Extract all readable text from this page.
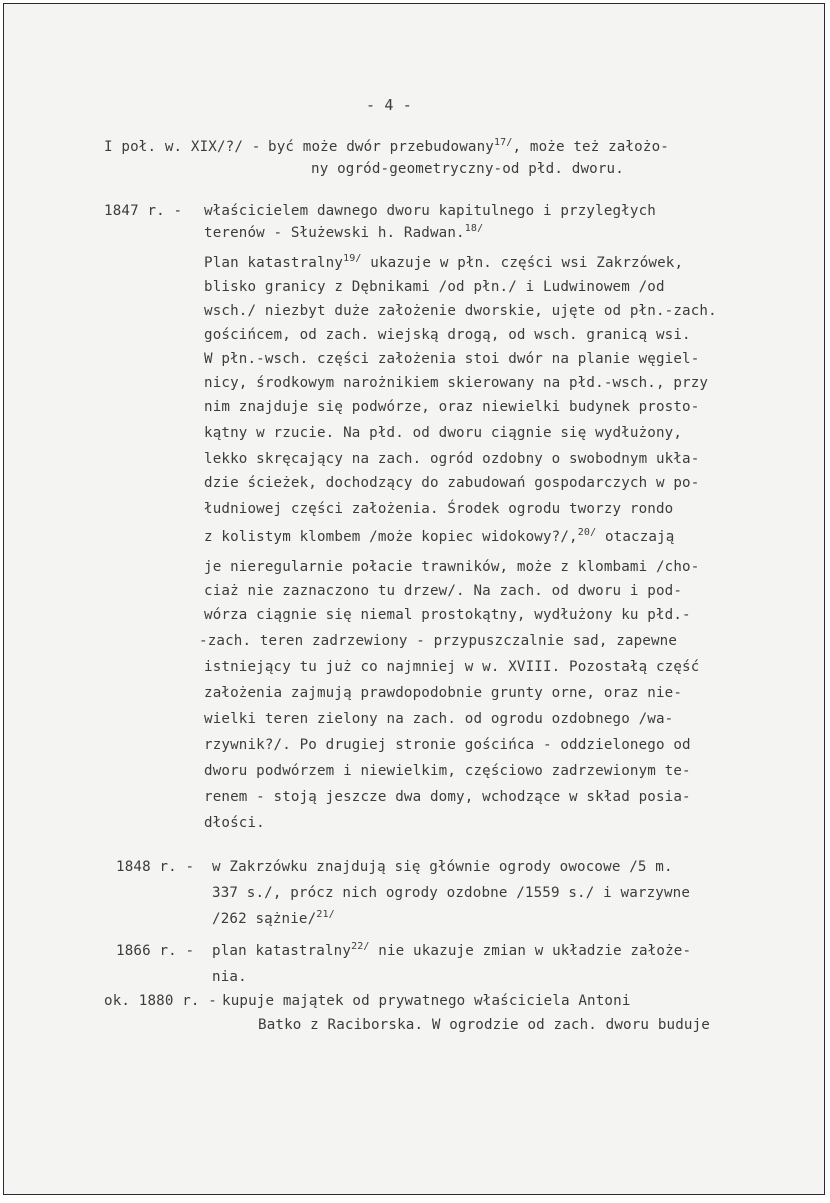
- 4 -
I poł. w. XIX/?/ - być może dwór przebudowany$^{17/}$, może też założo-
ny ogród-geometryczny-od płd. dworu.
1847 r. - właścicielem dawnego dworu kapitulnego i przyległych
terenów - Służewski h. Radwan.$^{18/}$
Plan katastralny$^{19/}$ ukazuje w płn. części wsi Zakrzówek,
blisko granicy z Dębnikami /od płn./ i Ludwinowem /od
wsch./ niezbyt duże założenie dworskie, ujęte od płn.-zach.
gościńcem, od zach. wiejską drogą, od wsch. granicą wsi.
W płn.-wsch. części założenia stoi dwór na planie węgiel-
nicy, środkowym narożnikiem skierowany na płd.-wsch., przy
nim znajduje się podwórze, oraz niewielki budynek prosto-
kątny w rzucie. Na płd. od dworu ciągnie się wydłużony,
lekko skręcający na zach. ogród ozdobny o swobodnym ukła-
dzie ścieżek, dochodzący do zabudowań gospodarczych w po-
łudniowej części założenia. Środek ogrodu tworzy rondo
z kolistym klombem /może kopiec widokowy?/,$^{20/}$ otaczają
je nieregularnie połacie trawników, może z klombami /cho-
ciaż nie zaznaczono tu drzew/. Na zach. od dworu i pod-
wórza ciągnie się niemal prostokątny, wydłużony ku płd.-
-zach. teren zadrzewiony - przypuszczalnie sad, zapewne
istniejący tu już co najmniej w w. XVIII. Pozostałą część
założenia zajmują prawdopodobnie grunty orne, oraz nie-
wielki teren zielony na zach. od ogrodu ozdobnego /wa-
rzywnik?/. Po drugiej stronie gościńca - oddzielonego od
dworu podwórzem i niewielkim, częściowo zadrzewionym te-
renem - stoją jeszcze dwa domy, wchodzące w skład posia-
dłości.
1848 r. - w Zakrzówku znajdują się głównie ogrody owocowe /5 m.
337 s./, prócz nich ogrody ozdobne /1559 s./ i warzywne
/262 sążnie/$^{21/}$
1866 r. - plan katastralny$^{22/}$ nie ukazuje zmian w układzie założe-
nia.
ok. 1880 r. - kupuje majątek od prywatnego właściciela Antoni
Batko z Raciborska. W ogrodzie od zach. dworu buduje
